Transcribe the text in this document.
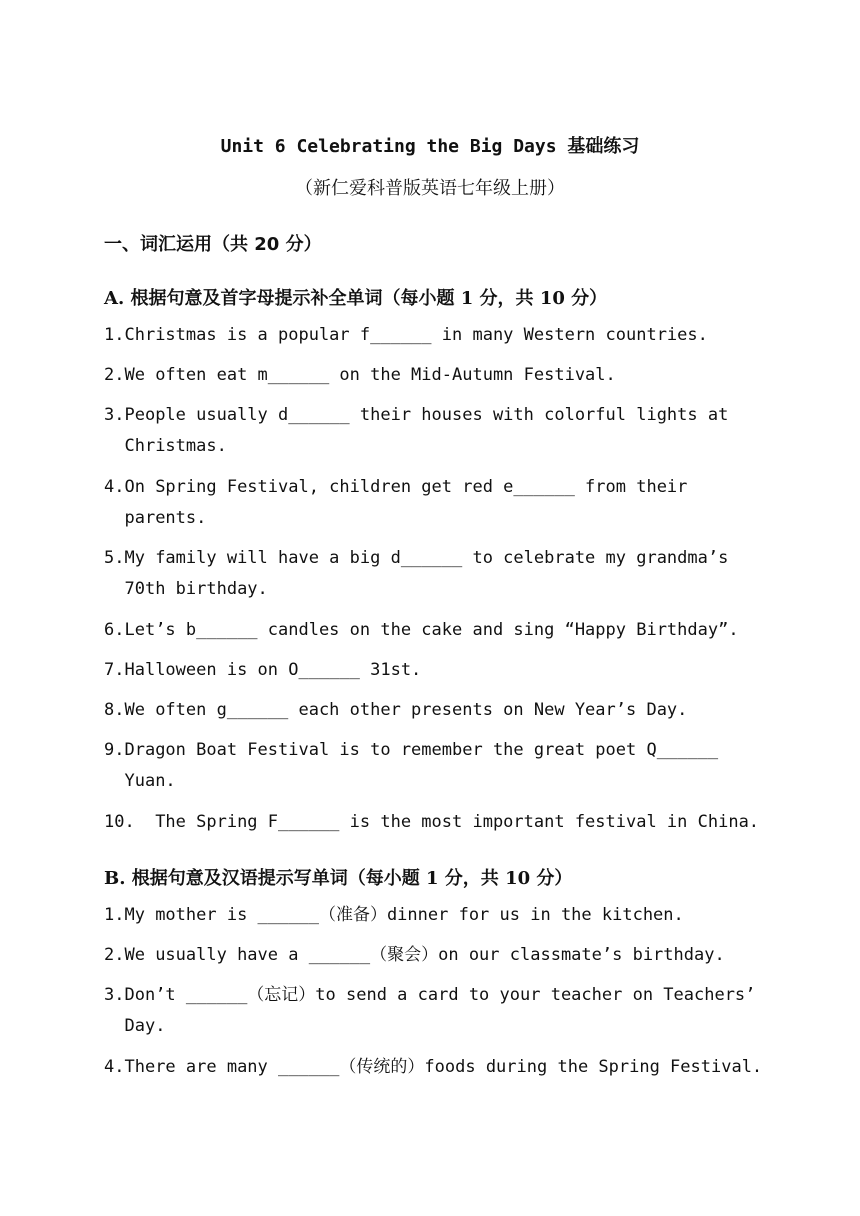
Unit 6 Celebrating the Big Days 基础练习
（新仁爱科普版英语七年级上册）
一、词汇运用（共 20 分）
A. 根据句意及首字母提示补全单词（每小题 1 分，共 10 分）
1. Christmas is a popular f______ in many Western countries.
2. We often eat m______ on the Mid-Autumn Festival.
3. People usually d______ their houses with colorful lights at Christmas.
4. On Spring Festival, children get red e______ from their parents.
5. My family will have a big d______ to celebrate my grandma’s 70th birthday.
6. Let’s b______ candles on the cake and sing “Happy Birthday”.
7. Halloween is on O______ 31st.
8. We often g______ each other presents on New Year’s Day.
9. Dragon Boat Festival is to remember the great poet Q______ Yuan.
10. The Spring F______ is the most important festival in China.
B. 根据句意及汉语提示写单词（每小题 1 分，共 10 分）
1. My mother is ______（准备）dinner for us in the kitchen.
2. We usually have a ______（聚会）on our classmate’s birthday.
3. Don’t ______（忘记）to send a card to your teacher on Teachers’ Day.
4. There are many ______（传统的）foods during the Spring Festival.
